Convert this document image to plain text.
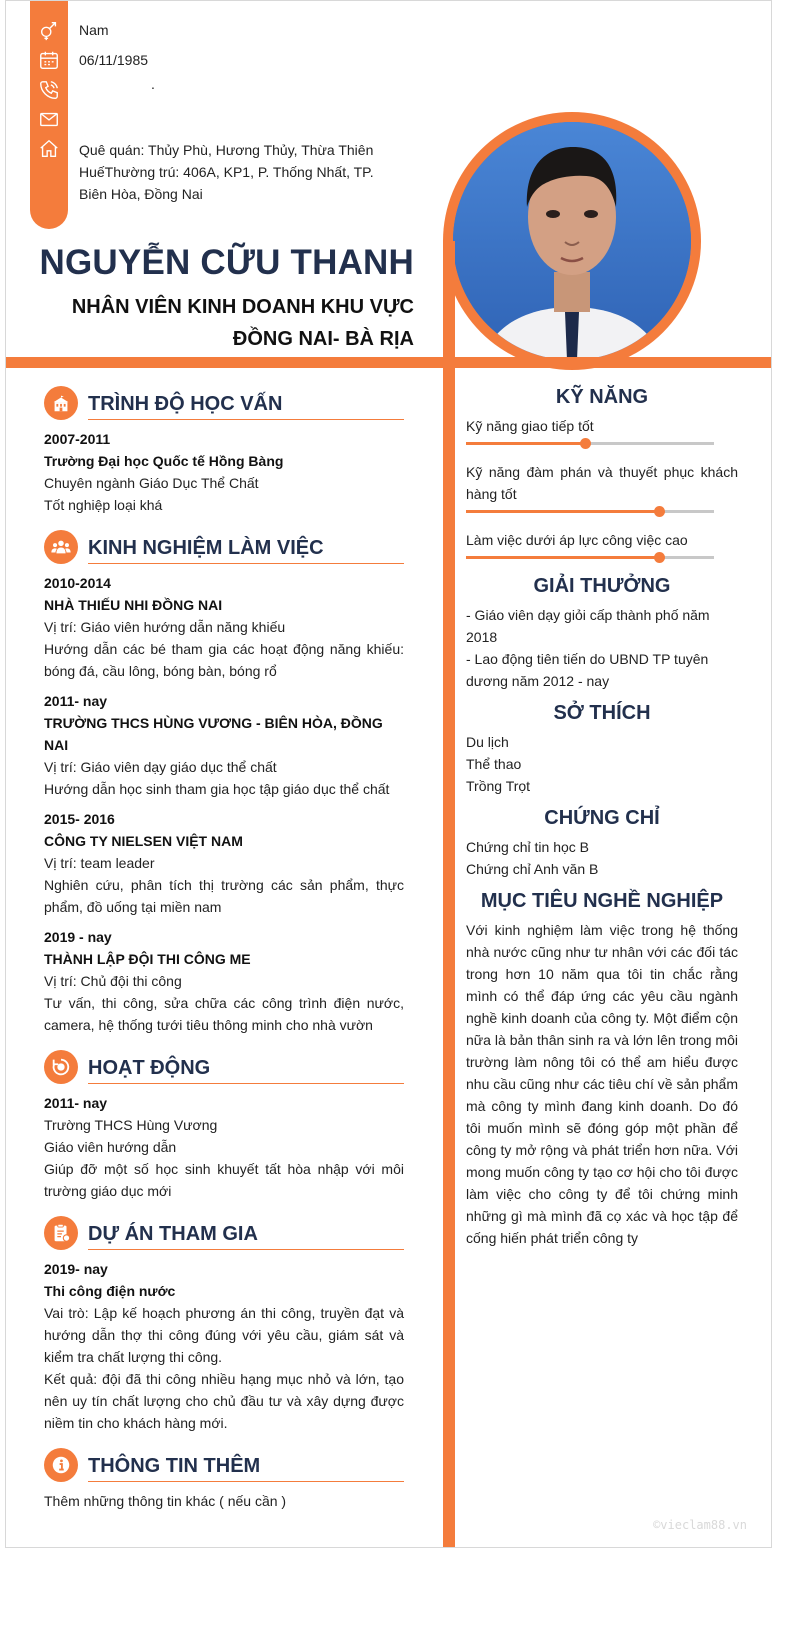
Nam
06/11/1985
.
Quê quán: Thủy Phù, Hương Thủy, Thừa Thiên HuếThường trú: 406A, KP1, P. Thống Nhất, TP. Biên Hòa, Đồng Nai
NGUYỄN CỮU THANH
NHÂN VIÊN KINH DOANH KHU VỰC
ĐỒNG NAI- BÀ RỊA
TRÌNH ĐỘ HỌC VẤN
2007-2011
Trường Đại học Quốc tế Hồng Bàng
Chuyên ngành Giáo Dục Thể Chất
Tốt nghiệp loại khá
KINH NGHIỆM LÀM VIỆC
2010-2014
NHÀ THIẾU NHI ĐỒNG NAI
Vị trí: Giáo viên hướng dẫn năng khiếu
Hướng dẫn các bé tham gia các hoạt động năng khiếu: bóng đá, cầu lông, bóng bàn, bóng rổ
2011- nay
TRƯỜNG THCS HÙNG VƯƠNG - BIÊN HÒA, ĐỒNG NAI
Vị trí: Giáo viên dạy giáo dục thể chất
Hướng dẫn học sinh tham gia học tập giáo dục thể chất
2015- 2016
CÔNG TY NIELSEN VIỆT NAM
Vị trí: team leader
Nghiên cứu, phân tích thị trường các sản phẩm, thực phẩm, đồ uống tại miền nam
2019 - nay
THÀNH LẬP ĐỘI THI CÔNG ME
Vị trí: Chủ đội thi công
Tư vấn, thi công, sửa chữa các công trình điện nước, camera, hệ thống tưới tiêu thông minh cho nhà vườn
HOẠT ĐỘNG
2011- nay
Trường THCS Hùng Vương
Giáo viên hướng dẫn
Giúp đỡ một số học sinh khuyết tất hòa nhập với môi trường giáo dục mới
DỰ ÁN THAM GIA
2019- nay
Thi công điện nước
Vai trò: Lập kế hoạch phương án thi công, truyền đạt và hướng dẫn thợ thi công đúng với yêu cầu, giám sát và kiểm tra chất lượng thi công.
Kết quả: đội đã thi công nhiều hạng mục nhỏ và lớn, tạo nên uy tín chất lượng cho chủ đầu tư và xây dựng được niềm tin cho khách hàng mới.
THÔNG TIN THÊM
Thêm những thông tin khác ( nếu cần )
KỸ NĂNG
Kỹ năng giao tiếp tốt
Kỹ năng đàm phán và thuyết phục khách hàng tốt
Làm việc dưới áp lực công việc cao
GIẢI THƯỞNG
- Giáo viên dạy giỏi cấp thành phố năm 2018
- Lao động tiên tiến do UBND TP tuyên dương năm 2012 - nay
SỞ THÍCH
Du lịch
Thể thao
Trồng Trọt
CHỨNG CHỈ
Chứng chỉ tin học B
Chứng chỉ Anh văn B
MỤC TIÊU NGHỀ NGHIỆP
Với kinh nghiệm làm việc trong hệ thống nhà nước cũng như tư nhân với các đối tác trong hơn 10 năm qua tôi tin chắc rằng mình có thể đáp ứng các yêu cầu ngành nghề kinh doanh của công ty. Một điểm cộn nữa là bản thân sinh ra và lớn lên trong môi trường làm nông tôi có thể am hiểu được nhu cầu cũng như các tiêu chí về sản phẩm mà công ty mình đang kinh doanh. Do đó tôi muốn mình sẽ đóng góp một phần để công ty mở rộng và phát triển hơn nữa. Với mong muốn công ty tạo cơ hội cho tôi được làm việc cho công ty để tôi chứng minh những gì mà mình đã cọ xác và học tập để cống hiến phát triển công ty
©vieclam88.vn
